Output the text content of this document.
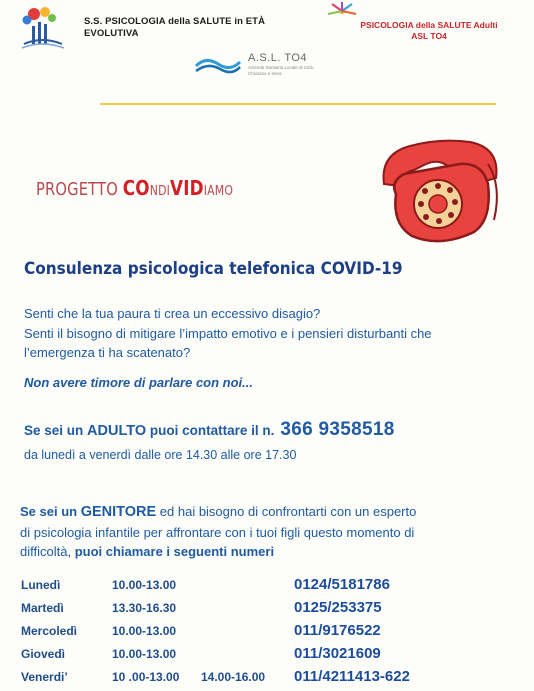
S.S. PSICOLOGIA della SALUTE in ETÀ
EVOLUTIVA
PSICOLOGIA della SALUTE Adulti
ASL TO4
A.S.L. TO4
Azienda Sanitaria Locale di Ciriè, Chivasso e Ivrea
PROGETTO CONDIVIDIAMO
Consulenza psicologica telefonica COVID-19
Senti che la tua paura ti crea un eccessivo disagio?
Senti il bisogno di mitigare l’impatto emotivo e i pensieri disturbanti che
l’emergenza ti ha scatenato?
Non avere timore di parlare con noi...
Se sei un ADULTO puoi contattare il n. 366 9358518
da lunedì a venerdì dalle ore 14.30 alle ore 17.30
Se sei un GENITORE ed hai bisogno di confrontarti con un esperto
di psicologia infantile per affrontare con i tuoi figli questo momento di
difficoltà, puoi chiamare i seguenti numeri
Lunedì	10.00-13.00	0124/5181786
Martedì	13.30-16.30	0125/253375
Mercoledì	10.00-13.00	011/9176522
Giovedì	10.00-13.00	011/3021609
Venerdi’	10 .00-13.00 14.00-16.00 011/4211413-622
